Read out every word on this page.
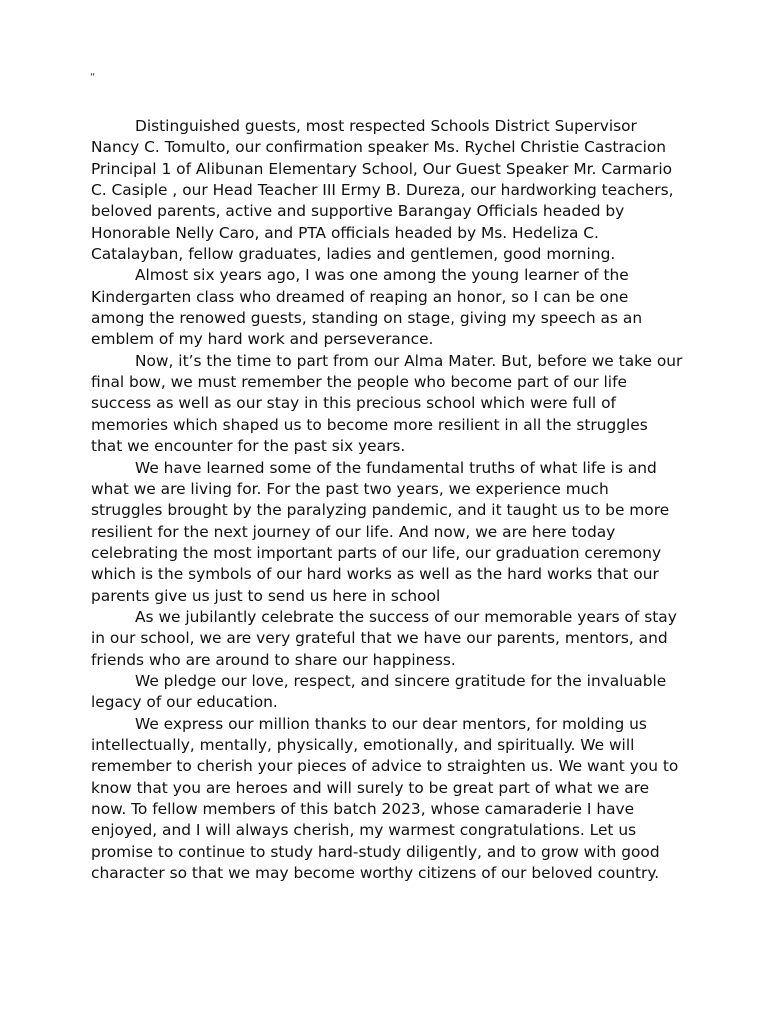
“

Distinguished guests, most respected Schools District Supervisor Nancy C. Tomulto, our confirmation speaker Ms. Rychel Christie Castracion Principal 1 of Alibunan Elementary School, Our Guest Speaker Mr. Carmario C. Casiple , our Head Teacher III Ermy B. Dureza, our hardworking teachers, beloved parents, active and supportive Barangay Officials headed by Honorable Nelly Caro, and PTA officials headed by Ms. Hedeliza C. Catalayban, fellow graduates, ladies and gentlemen, good morning.

Almost six years ago, I was one among the young learner of the Kindergarten class who dreamed of reaping an honor, so I can be one among the renowed guests, standing on stage, giving my speech as an emblem of my hard work and perseverance.

Now, it’s the time to part from our Alma Mater. But, before we take our final bow, we must remember the people who become part of our life success as well as our stay in this precious school which were full of memories which shaped us to become more resilient in all the struggles that we encounter for the past six years.

We have learned some of the fundamental truths of what life is and what we are living for. For the past two years, we experience much struggles brought by the paralyzing pandemic, and it taught us to be more resilient for the next journey of our life. And now, we are here today celebrating the most important parts of our life, our graduation ceremony which is the symbols of our hard works as well as the hard works that our parents give us just to send us here in school

As we jubilantly celebrate the success of our memorable years of stay in our school, we are very grateful that we have our parents, mentors, and friends who are around to share our happiness.

We pledge our love, respect, and sincere gratitude for the invaluable legacy of our education.

We express our million thanks to our dear mentors, for molding us intellectually, mentally, physically, emotionally, and spiritually. We will remember to cherish your pieces of advice to straighten us. We want you to know that you are heroes and will surely to be great part of what we are now. To fellow members of this batch 2023, whose camaraderie I have enjoyed, and I will always cherish, my warmest congratulations. Let us promise to continue to study hard-study diligently, and to grow with good character so that we may become worthy citizens of our beloved country.
